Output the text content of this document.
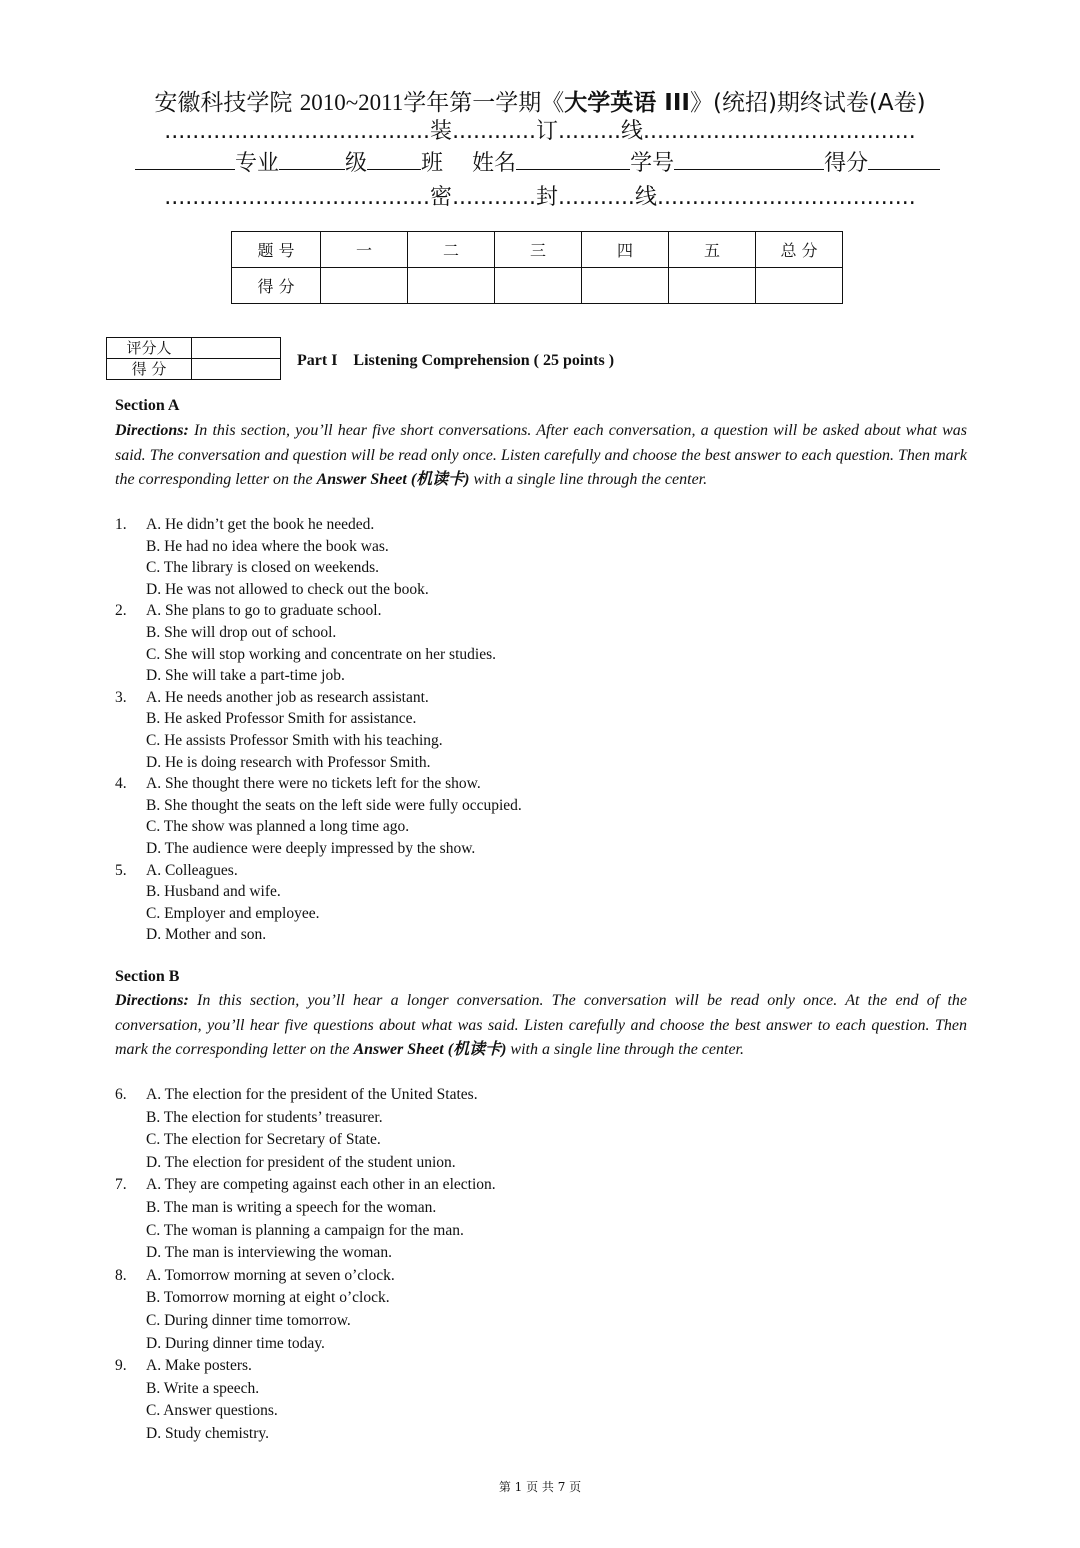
安徽科技学院 2010~2011学年第一学期《大学英语 III》(统招)期终试卷(A卷)
......................................装............订.........线.......................................
专业	级 班 姓名	学号	得分
......................................密............封...........线.....................................
题 号	一	二	三	四	五	总 分
得 分						
评分人	
得 分		Part I    Listening Comprehension ( 25 points )
Section A
Directions: In this section, you’ll hear five short conversations. After each conversation, a question will be asked about what was said. The conversation and question will be read only once. Listen carefully and choose the best answer to each question. Then mark the corresponding letter on the Answer Sheet (机读卡) with a single line through the center.
1. A. He didn’t get the book he needed.
B. He had no idea where the book was.
C. The library is closed on weekends.
D. He was not allowed to check out the book.
2. A. She plans to go to graduate school.
B. She will drop out of school.
C. She will stop working and concentrate on her studies.
D. She will take a part-time job.
3. A. He needs another job as research assistant.
B. He asked Professor Smith for assistance.
C. He assists Professor Smith with his teaching.
D. He is doing research with Professor Smith.
4. A. She thought there were no tickets left for the show.
B. She thought the seats on the left side were fully occupied.
C. The show was planned a long time ago.
D. The audience were deeply impressed by the show.
5. A. Colleagues.
B. Husband and wife.
C. Employer and employee.
D. Mother and son.
Section B
Directions: In this section, you’ll hear a longer conversation. The conversation will be read only once. At the end of the conversation, you’ll hear five questions about what was said. Listen carefully and choose the best answer to each question. Then mark the corresponding letter on the Answer Sheet (机读卡) with a single line through the center.
6. A. The election for the president of the United States.
B. The election for students’ treasurer.
C. The election for Secretary of State.
D. The election for president of the student union.
7. A. They are competing against each other in an election.
B. The man is writing a speech for the woman.
C. The woman is planning a campaign for the man.
D. The man is interviewing the woman.
8. A. Tomorrow morning at seven o’clock.
B. Tomorrow morning at eight o’clock.
C. During dinner time tomorrow.
D. During dinner time today.
9. A. Make posters.
B. Write a speech.
C. Answer questions.
D. Study chemistry.
第 1 页 共 7 页
